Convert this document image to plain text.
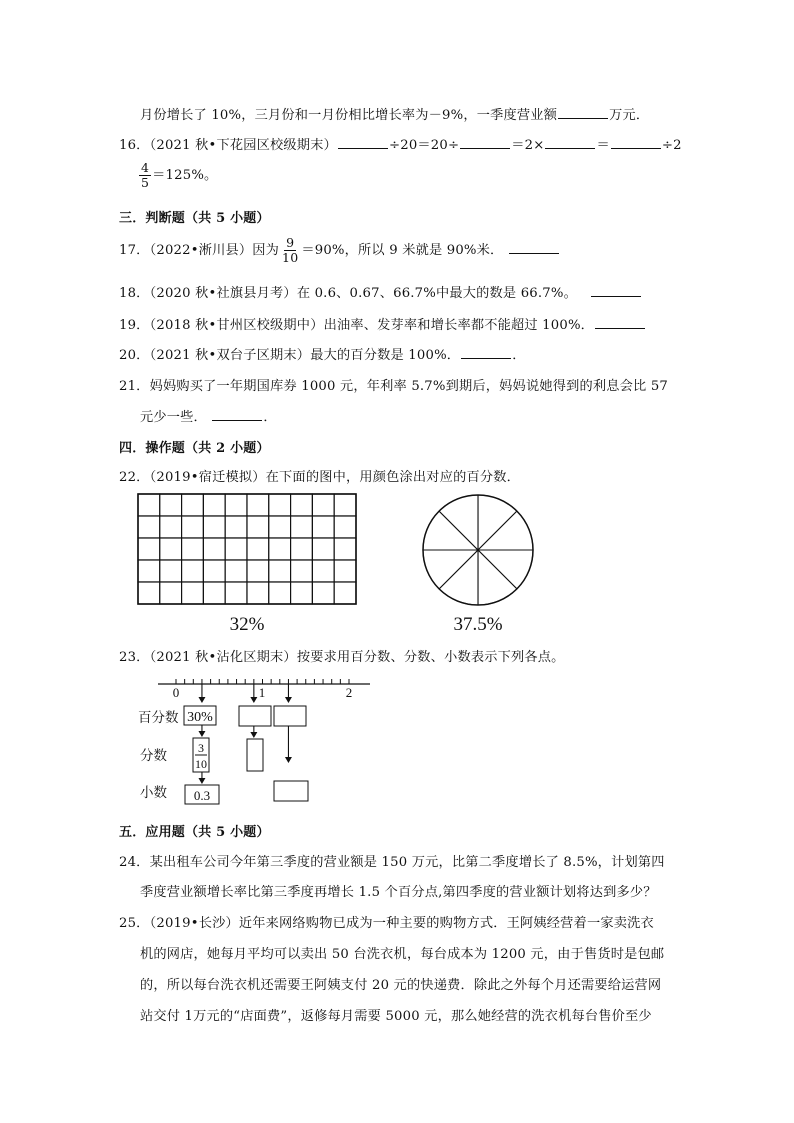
月份增长了 10%，三月份和一月份相比增长率为－9%，一季度营业额	万元．
16．（2021 秋•下花园区校级期末）	÷20＝20÷	＝2×	＝	÷2
$\frac{4}{5} =125\%$。
三．判断题（共 5 小题）
17．（2022•淅川县）因为 $\frac{9}{10} =90\%$，所以 9 米就是 90%米．
18．（2020 秋•社旗县月考）在 0.6、0.67、66.7%中最大的数是 66.7%。
19．（2018 秋•甘州区校级期中）出油率、发芽率和增长率都不能超过 100%．
20．（2021 秋•双台子区期末）最大的百分数是 100%．	．
21．妈妈购买了一年期国库券 1000 元，年利率 5.7%到期后，妈妈说她得到的利息会比 57
元少一些．	．
四．操作题（共 2 小题）
22．（2019•宿迁模拟）在下面的图中，用颜色涂出对应的百分数．
32%	37.5%
23．（2021 秋•沾化区期末）按要求用百分数、分数、小数表示下列各点。
0	1	2
百分数
分数
小数
30%
3
10
0.3
五．应用题（共 5 小题）
24．某出租车公司今年第三季度的营业额是 150 万元，比第二季度增长了 8.5%，计划第四
季度营业额增长率比第三季度再增长 1.5 个百分点,第四季度的营业额计划将达到多少？
25．（2019•长沙）近年来网络购物已成为一种主要的购物方式．王阿姨经营着一家卖洗衣
机的网店，她每月平均可以卖出 50 台洗衣机，每台成本为 1200 元，由于售货时是包邮
的，所以每台洗衣机还需要王阿姨支付 20 元的快递费．除此之外每个月还需要给运营网
站交付 1万元的“店面费”，返修每月需要 5000 元，那么她经营的洗衣机每台售价至少
